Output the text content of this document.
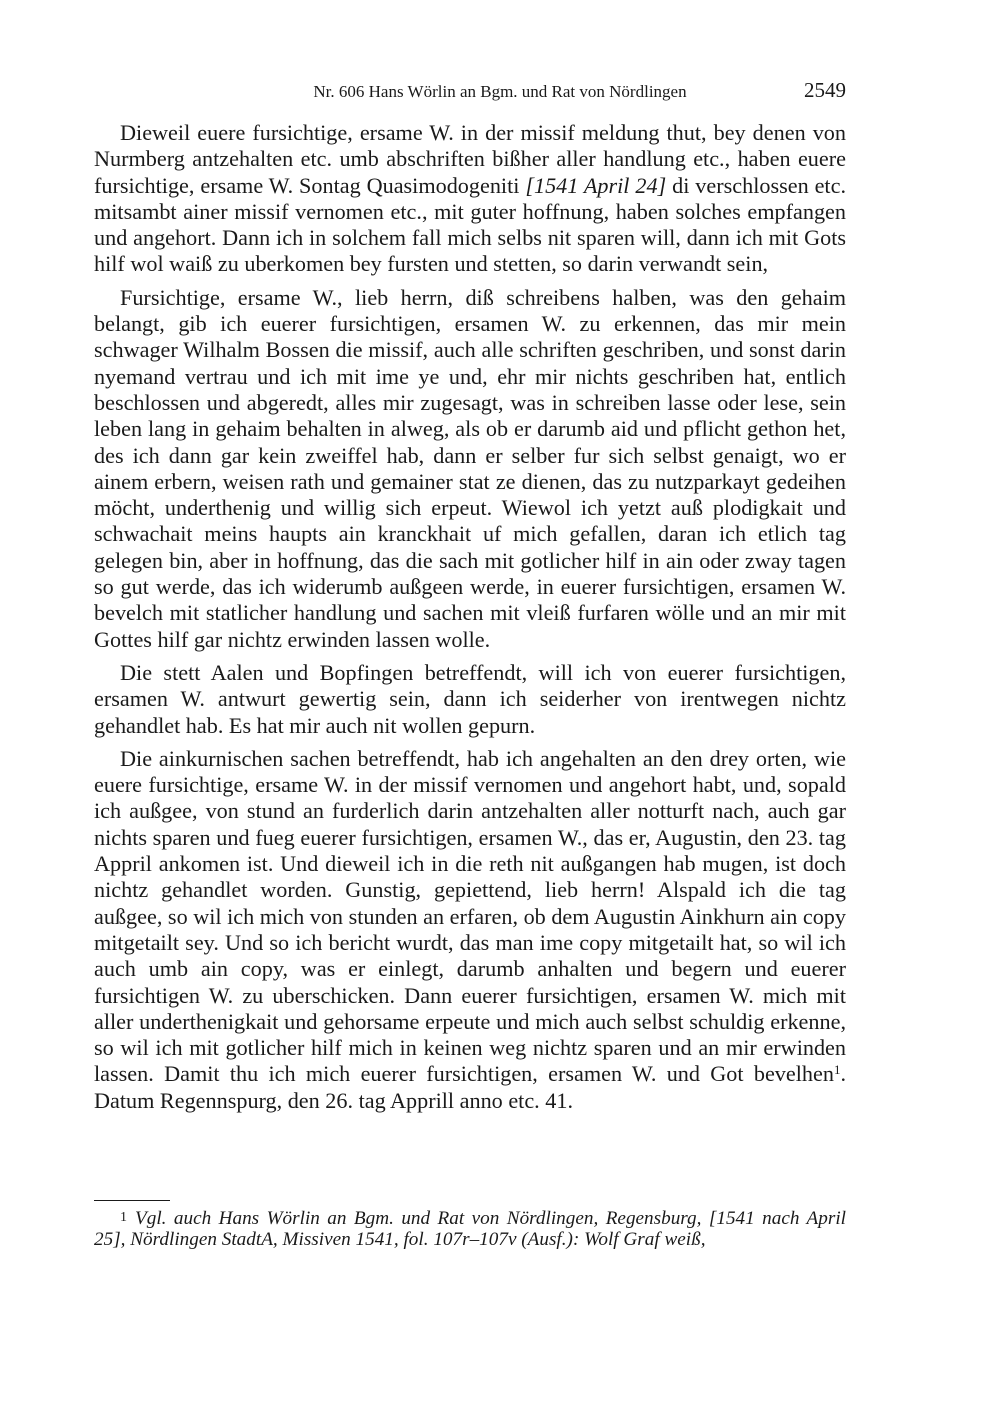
Nr. 606 Hans Wörlin an Bgm. und Rat von Nördlingen	2549

Dieweil euere fursichtige, ersame W. in der missif meldung thut, bey denen von Nurmberg antzehalten etc. umb abschriften bißher aller handlung etc., haben euere fursichtige, ersame W. Sontag Quasimodogeniti [1541 April 24] di verschlossen etc. mitsambt ainer missif vernomen etc., mit guter hoffnung, haben solches empfangen und angehort. Dann ich in solchem fall mich selbs nit sparen will, dann ich mit Gots hilf wol waiß zu uberkomen bey fursten und stetten, so darin verwandt sein,

Fursichtige, ersame W., lieb herrn, diß schreibens halben, was den gehaim belangt, gib ich euerer fursichtigen, ersamen W. zu erkennen, das mir mein schwager Wilhalm Bossen die missif, auch alle schriften geschriben, und sonst darin nyemand vertrau und ich mit ime ye und, ehr mir nichts geschriben hat, entlich beschlossen und abgeredt, alles mir zugesagt, was in schreiben lasse oder lese, sein leben lang in gehaim behalten in alweg, als ob er darumb aid und pflicht gethon het, des ich dann gar kein zweiffel hab, dann er selber fur sich selbst genaigt, wo er ainem erbern, weisen rath und gemainer stat ze dienen, das zu nutzparkayt gedeihen möcht, underthenig und willig sich erpeut. Wiewol ich yetzt auß plodigkait und schwachait meins haupts ain kranckhait uf mich gefallen, daran ich etlich tag gelegen bin, aber in hoffnung, das die sach mit gotlicher hilf in ain oder zway tagen so gut werde, das ich widerumb außgeen werde, in euerer fursichtigen, ersamen W. bevelch mit statlicher handlung und sachen mit vleiß furfaren wölle und an mir mit Gottes hilf gar nichtz erwinden lassen wolle.

Die stett Aalen und Bopfingen betreffendt, will ich von euerer fursichtigen, ersamen W. antwurt gewertig sein, dann ich seiderher von irentwegen nichtz gehandlet hab. Es hat mir auch nit wollen gepurn.

Die ainkurnischen sachen betreffendt, hab ich angehalten an den drey orten, wie euere fursichtige, ersame W. in der missif vernomen und angehort habt, und, sopald ich außgee, von stund an furderlich darin antzehalten aller notturft nach, auch gar nichts sparen und fueg euerer fursichtigen, ersamen W., das er, Augustin, den 23. tag Appril ankomen ist. Und dieweil ich in die reth nit außgangen hab mugen, ist doch nichtz gehandlet worden. Gunstig, gepiettend, lieb herrn! Alspald ich die tag außgee, so wil ich mich von stunden an erfaren, ob dem Augustin Ainkhurn ain copy mitgetailt sey. Und so ich bericht wurdt, das man ime copy mitgetailt hat, so wil ich auch umb ain copy, was er einlegt, darumb anhalten und begern und euerer fursichtigen W. zu uberschicken. Dann euerer fursichtigen, ersamen W. mich mit aller underthenigkait und gehorsame erpeute und mich auch selbst schuldig erkenne, so wil ich mit gotlicher hilf mich in keinen weg nichtz sparen und an mir erwinden lassen. Damit thu ich mich euerer fursichtigen, ersamen W. und Got bevelhen$^1$. Datum Regennspurg, den 26. tag Apprill anno etc. 41.

1 Vgl. auch Hans Wörlin an Bgm. und Rat von Nördlingen, Regensburg, [1541 nach April 25], Nördlingen StadtA, Missiven 1541, fol. 107r–107v (Ausf.): Wolf Graf weiß,
